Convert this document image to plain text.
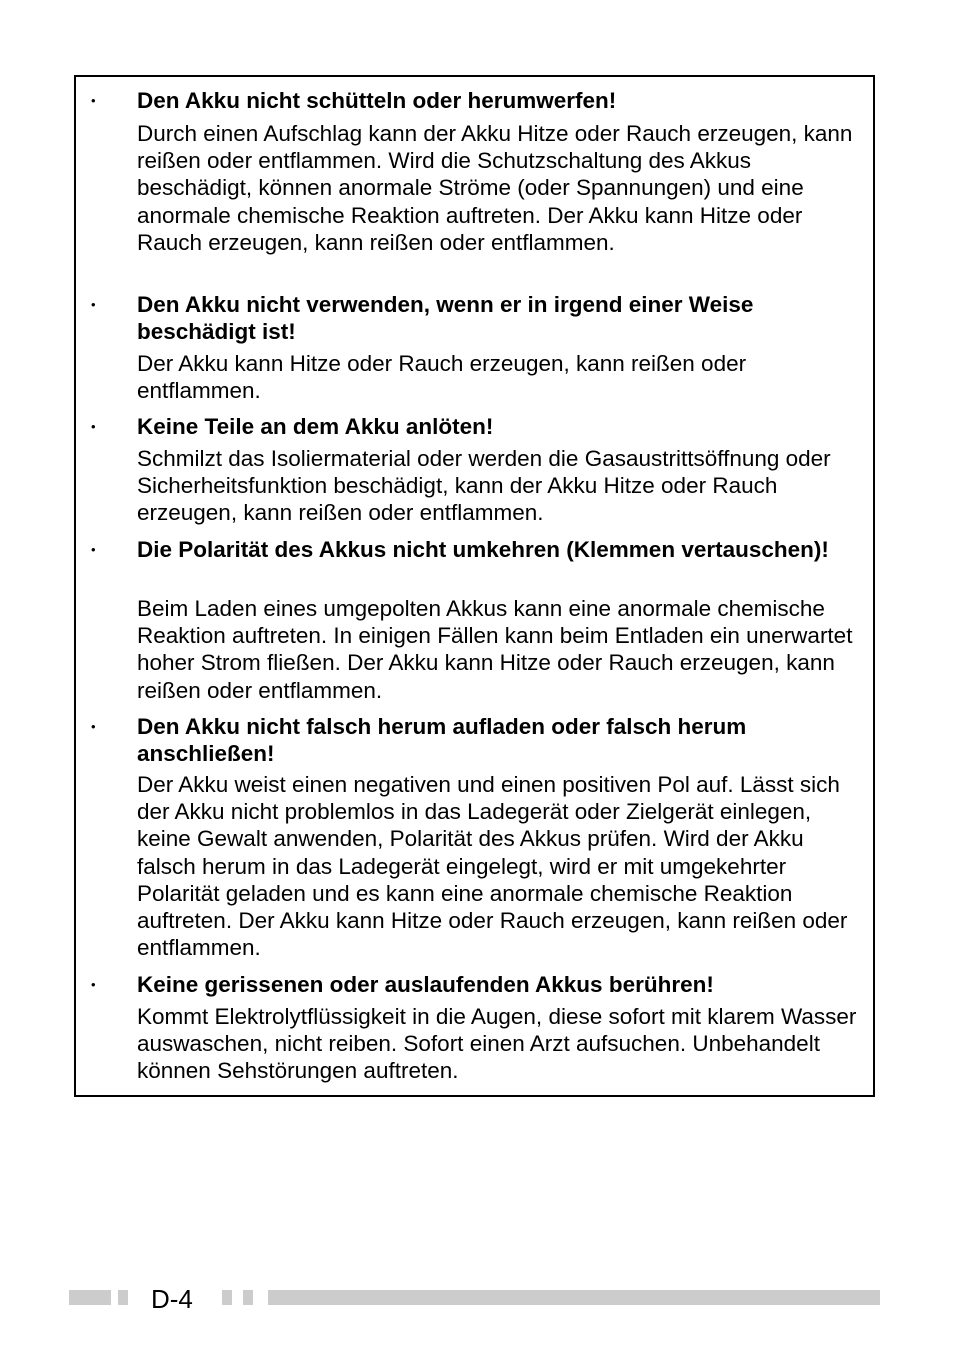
• Den Akku nicht schütteln oder herumwerfen!

Durch einen Aufschlag kann der Akku Hitze oder Rauch erzeugen, kann reißen oder entflammen. Wird die Schutzschaltung des Akkus beschädigt, können anormale Ströme (oder Spannungen) und eine anormale chemische Reaktion auftreten. Der Akku kann Hitze oder Rauch erzeugen, kann reißen oder entflammen.

• Den Akku nicht verwenden, wenn er in irgend einer Weise beschädigt ist!

Der Akku kann Hitze oder Rauch erzeugen, kann reißen oder entflammen.

• Keine Teile an dem Akku anlöten!

Schmilzt das Isoliermaterial oder werden die Gasaustrittsöffnung oder Sicherheitsfunktion beschädigt, kann der Akku Hitze oder Rauch erzeugen, kann reißen oder entflammen.

• Die Polarität des Akkus nicht umkehren (Klemmen vertauschen)!

Beim Laden eines umgepolten Akkus kann eine anormale chemische Reaktion auftreten. In einigen Fällen kann beim Entladen ein unerwartet hoher Strom fließen. Der Akku kann Hitze oder Rauch erzeugen, kann reißen oder entflammen.

• Den Akku nicht falsch herum aufladen oder falsch herum anschließen!

Der Akku weist einen negativen und einen positiven Pol auf. Lässt sich der Akku nicht problemlos in das Ladegerät oder Zielgerät einlegen, keine Gewalt anwenden, Polarität des Akkus prüfen. Wird der Akku falsch herum in das Ladegerät eingelegt, wird er mit umgekehrter Polarität geladen und es kann eine anormale chemische Reaktion auftreten. Der Akku kann Hitze oder Rauch erzeugen, kann reißen oder entflammen.

• Keine gerissenen oder auslaufenden Akkus berühren!

Kommt Elektrolytflüssigkeit in die Augen, diese sofort mit klarem Wasser auswaschen, nicht reiben. Sofort einen Arzt aufsuchen. Unbehandelt können Sehstörungen auftreten.

D-4
